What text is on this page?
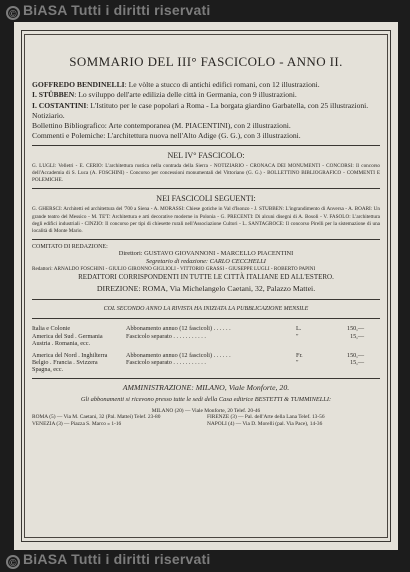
© BiASA Tutti i diritti riservati
SOMMARIO DEL III° FASCICOLO - ANNO II.
GOFFREDO BENDINELLI: Le vòlte a stucco di antichi edifici romani, con 12 illustrazioni.
I. STÜBBEN: Lo sviluppo dell'arte edilizia delle città in Germania, con 9 illustrazioni.
I. COSTANTINI: L'Istituto per le case popolari a Roma - La borgata giardino Garbatella, con 25 illustrazioni.
Notiziario.
Bollettino Bibliografico: Arte contemporanea (M. PIACENTINI), con 2 illustrazioni.
Commenti e Polemiche: L'architettura nuova nell'Alto Adige (G. G.), con 3 illustrazioni.
NEL IV° FASCICOLO:
G. LUGLI: Velletri - E. CERIO: L'architettura rustica nella contrada della Sierra - NOTIZIARIO - CRONACA DEI MONUMENTI - CONCORSI: Il concorso dell'Accademia di S. Luca (A. FOSCHINI) - Concorso per concessioni monumentali del Vittoriano (G. G.) - BOLLETTINO BIBLIOGRAFICO - COMMENTI E POLEMICHE.
NEI FASCICOLI SEGUENTI:
G. GHERSCI: Architetti ed architettura del '700 a Siena - A. MORASSI: Chiese gotiche in Val d'Isonzo - J. STUBBEN: L'ingrandimento di Anversa - A. BOARI: Un grande teatro del Messico - M. TE'T: Architettura e arti decorative moderne in Polonia - G. PRECENTI: Di alcuni disegni di A. Bosoli - V. FASOLO: L'architettura degli edifici industriali - CINZIO: Il concorso per tipi di chiesette rurali nell'Associazione Cultori - L. SANTAGROCE: Il concorso Pirelli per la sistemazione di una località di Monte Mario.
COMITATO DI REDAZIONE:
Direttori: GUSTAVO GIOVANNONI - MARCELLO PIACENTINI
Segretario di redazione: CARLO CECCHELLI
Redattori: ARNALDO FOSCHINI - GIULIO GIRONNO GIGLIOLI - VITTORIO GRASSI - GIUSEPPE LUGLI - ROBERTO PAPINI
REDATTORI CORRISPONDENTI IN TUTTE LE CITTÀ ITALIANE ED ALL'ESTERO.
DIREZIONE: ROMA, Via Michelangelo Caetani, 32, Palazzo Mattei.
COL SECONDO ANNO LA RIVISTA HA INIZIATA LA PUBBLICAZIONE MENSILE
Italia e Colonie
America del Sud . Germania
Austria . Romania, ecc.
Abbonamento annuo (12 fascicoli) . . . . . .
Fascicolo separato . . . . . . . . . . .
L.
"
150,—
15,—
America del Nord . Inghilterra
Belgio . Francia . Svizzera
Spagna, ecc.
Abbonamento annuo (12 fascicoli) . . . . . .
Fascicolo separato . . . . . . . . . . .
Fr.
"
150,—
15,—
AMMINISTRAZIONE: MILANO, Viale Monforte, 20.
Gli abbonamenti si ricevono presso tutte le sedi della Casa editrice BESTETTI & TUMMINELLI:
MILANO (20) — Viale Monforte, 20 Telef. 20-46
ROMA (5) — Via M. Caetani, 32 (Pal. Mattei) Telef. 23-80	FIRENZE (3) — Pal. dell'Arte della Lana Telef. 13-56
VENEZIA (3) — Piazza S. Marco » 1-16	NAPOLI (4) — Via D. Morelli (pal. Via Pace), 14-36
© BiASA Tutti i diritti riservati
